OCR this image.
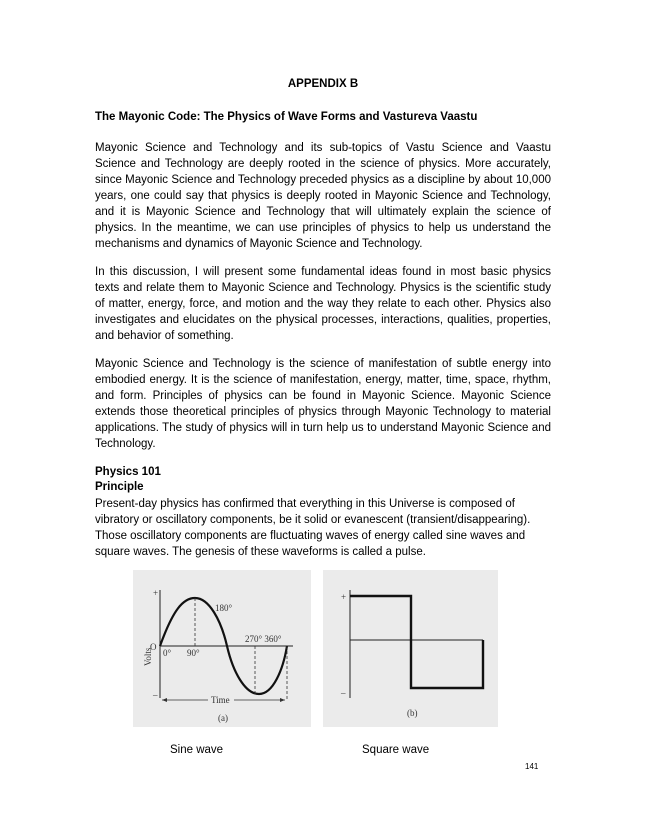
APPENDIX B
The Mayonic Code: The Physics of Wave Forms and Vastureva Vaastu

Mayonic Science and Technology and its sub-topics of Vastu Science and Vaastu Science and Technology are deeply rooted in the science of physics. More accurately, since Mayonic Science and Technology preceded physics as a discipline by about 10,000 years, one could say that physics is deeply rooted in Mayonic Science and Technology, and it is Mayonic Science and Technology that will ultimately explain the science of physics. In the meantime, we can use principles of physics to help us understand the mechanisms and dynamics of Mayonic Science and Technology.

In this discussion, I will present some fundamental ideas found in most basic physics texts and relate them to Mayonic Science and Technology. Physics is the scientific study of matter, energy, force, and motion and the way they relate to each other. Physics also investigates and elucidates on the physical processes, interactions, qualities, properties, and behavior of something.

Mayonic Science and Technology is the science of manifestation of subtle energy into embodied energy. It is the science of manifestation, energy, matter, time, space, rhythm, and form. Principles of physics can be found in Mayonic Science. Mayonic Science extends those theoretical principles of physics through Mayonic Technology to material applications. The study of physics will in turn help us to understand Mayonic Science and Technology.

Physics 101
Principle

Present-day physics has confirmed that everything in this Universe is composed of vibratory or oscillatory components, be it solid or evanescent (transient/disappearing). Those oscillatory components are fluctuating waves of energy called sine waves and square waves. The genesis of these waveforms is called a pulse.

+
–
O
0° 90°
180°
270° 360°
Time
(a)
Volts
+
–
(b)
Sine wave	Square wave
141
